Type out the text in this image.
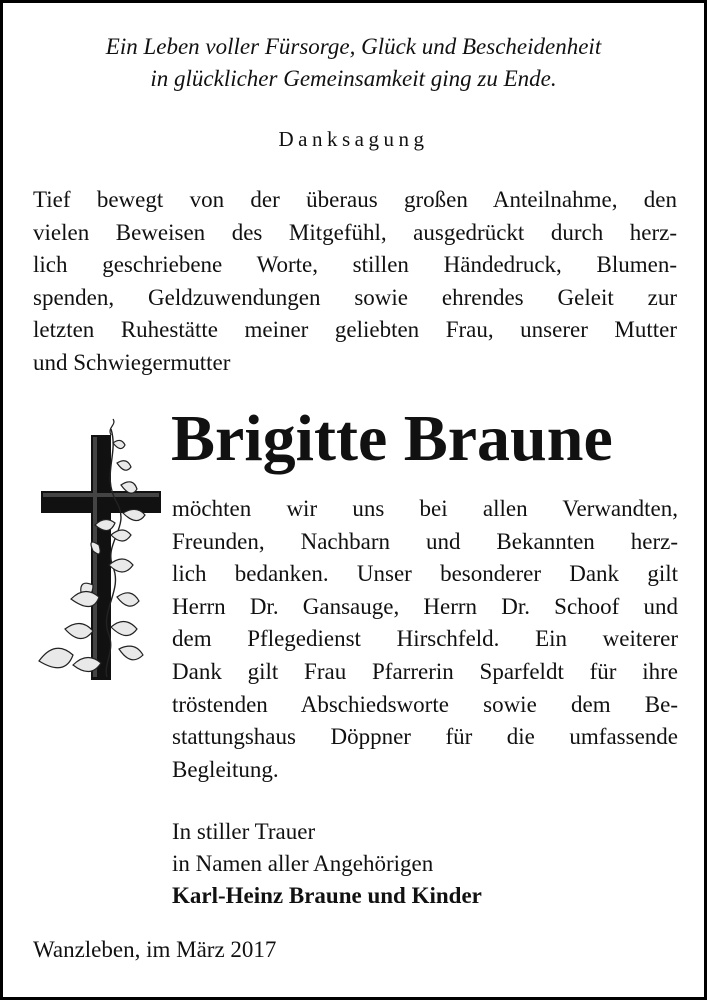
Ein Leben voller Fürsorge, Glück und Bescheidenheit
in glücklicher Gemeinsamkeit ging zu Ende.
Danksagung
Tief bewegt von der überaus großen Anteilnahme, den
vielen Beweisen des Mitgefühl, ausgedrückt durch herz-
lich geschriebene Worte, stillen Händedruck, Blumen-
spenden, Geldzuwendungen sowie ehrendes Geleit zur
letzten Ruhestätte meiner geliebten Frau, unserer Mutter
und Schwiegermutter
Brigitte Braune
möchten wir uns bei allen Verwandten,
Freunden, Nachbarn und Bekannten herz-
lich bedanken. Unser besonderer Dank gilt
Herrn Dr. Gansauge, Herrn Dr. Schoof und
dem Pflegedienst Hirschfeld. Ein weiterer
Dank gilt Frau Pfarrerin Sparfeldt für ihre
tröstenden Abschiedsworte sowie dem Be-
stattungshaus Döppner für die umfassende
Begleitung.
In stiller Trauer
in Namen aller Angehörigen
Karl-Heinz Braune und Kinder
Wanzleben, im März 2017
